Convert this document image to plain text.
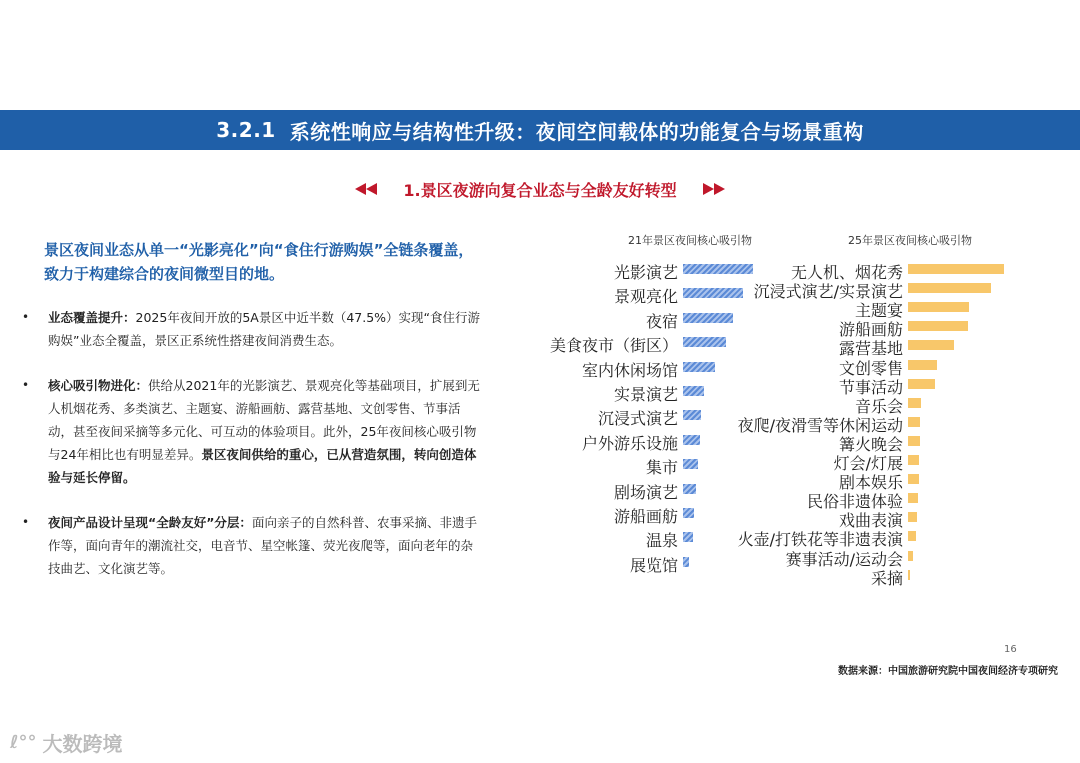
3.2.1 系统性响应与结构性升级：夜间空间载体的功能复合与场景重构
1.景区夜游向复合业态与全龄友好转型
景区夜间业态从单一“光影亮化”向“食住行游购娱”全链条覆盖，致力于构建综合的夜间微型目的地。
• 业态覆盖提升：2025年夜间开放的5A景区中近半数（47.5%）实现“食住行游购娱”业态全覆盖，景区正系统性搭建夜间消费生态。
• 核心吸引物进化：供给从2021年的光影演艺、景观亮化等基础项目，扩展到无人机烟花秀、多类演艺、主题宴、游船画舫、露营基地、文创零售、节事活动，甚至夜间采摘等多元化、可互动的体验项目。此外，25年夜间核心吸引物与24年相比也有明显差异。景区夜间供给的重心，已从营造氛围，转向创造体验与延长停留。
• 夜间产品设计呈现“全龄友好”分层：面向亲子的自然科普、农事采摘、非遗手作等，面向青年的潮流社交，电音节、星空帐篷、荧光夜爬等，面向老年的杂技曲艺、文化演艺等。
21年景区夜间核心吸引物	25年景区夜间核心吸引物
光影演艺
景观亮化
夜宿
美食夜市（街区）
室内休闲场馆
实景演艺
沉浸式演艺
户外游乐设施
集市
剧场演艺
游船画舫
温泉
展览馆
无人机、烟花秀
沉浸式演艺/实景演艺
主题宴
游船画舫
露营基地
文创零售
节事活动
音乐会
夜爬/夜滑雪等休闲运动
篝火晚会
灯会/灯展
剧本娱乐
民俗非遗体验
戏曲表演
火壶/打铁花等非遗表演
赛事活动/运动会
采摘
16
数据来源：中国旅游研究院中国夜间经济专项研究
ℓ°° 大数跨境
